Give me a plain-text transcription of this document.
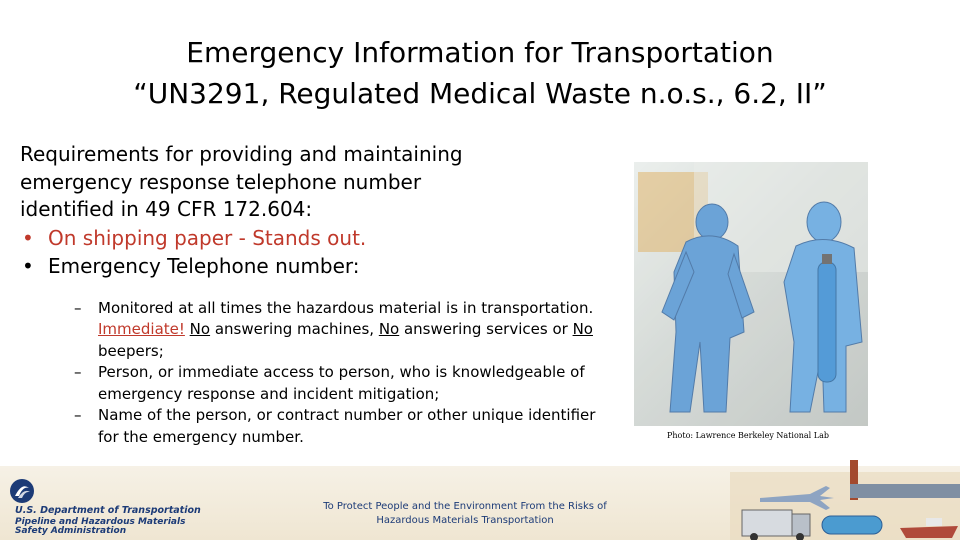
Emergency Information for Transportation
“UN3291, Regulated Medical Waste n.o.s., 6.2, II”
Requirements for providing and maintaining
emergency response telephone number
identified in 49 CFR 172.604:
• On shipping paper - Stands out.
• Emergency Telephone number:
– Monitored at all times the hazardous material is in transportation. Immediate! No answering machines, No answering services or No beepers;
– Person, or immediate access to person, who is knowledgeable of emergency response and incident mitigation;
– Name of the person, or contract number or other unique identifier for the emergency number.	Photo: Lawrence Berkeley National Lab
U.S. Department of Transportation
Pipeline and Hazardous Materials
Safety Administration
To Protect People and the Environment From the Risks of
Hazardous Materials Transportation
